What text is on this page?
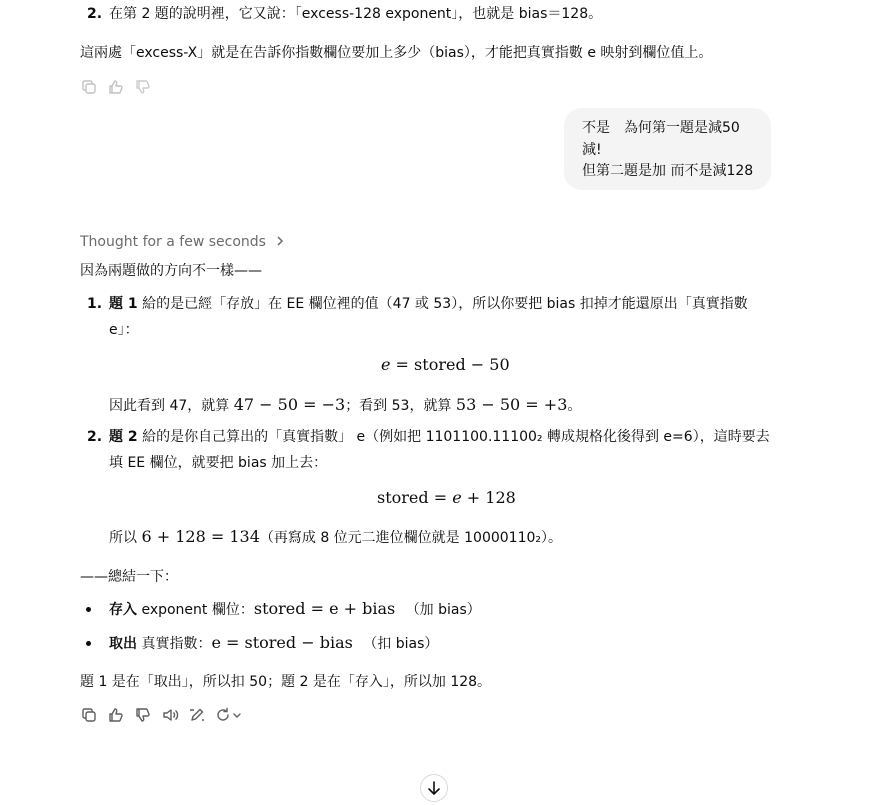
2. 在第 2 題的說明裡，它又說：「excess-128 exponent」，也就是 bias＝128。
這兩處「excess-X」就是在告訴你指數欄位要加上多少（bias），才能把真實指數 e 映射到欄位值上。
不是　為何第一題是減50
減!
但第二題是加 而不是減128
Thought for a few seconds
因為兩題做的方向不一樣——
1. 題 1 給的是已經「存放」在 EE 欄位裡的值（47 或 53），所以你要把 bias 扣掉才能還原出「真實指數
e」：
e = stored − 50
因此看到 47，就算 47 − 50 = −3；看到 53，就算 53 − 50 = +3。
2. 題 2 給的是你自己算出的「真實指數」 e（例如把 1101100.11100₂ 轉成規格化後得到 e=6），這時要去
填 EE 欄位，就要把 bias 加上去：
stored = e + 128
所以 6 + 128 = 134（再寫成 8 位元二進位欄位就是 10000110₂）。
——總結一下：
存入 exponent 欄位：stored = e + bias （加 bias）
取出 真實指數：e = stored − bias （扣 bias）
題 1 是在「取出」，所以扣 50；題 2 是在「存入」，所以加 128。
